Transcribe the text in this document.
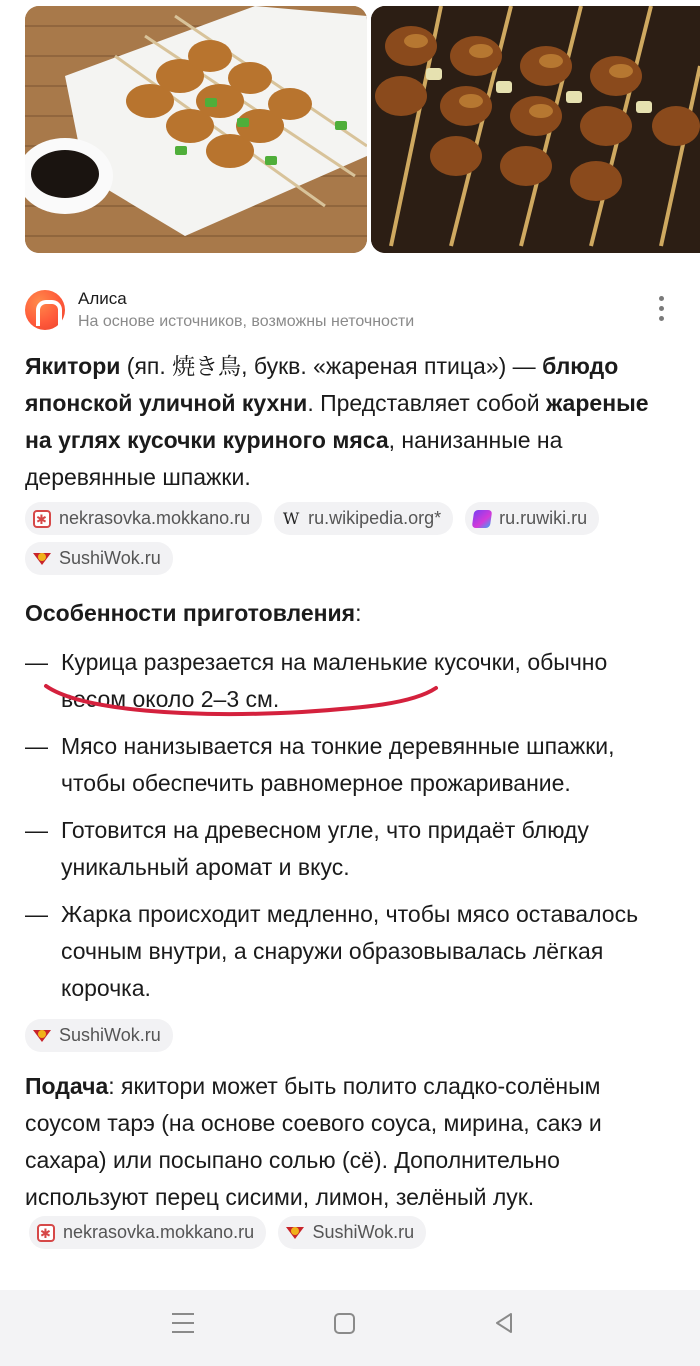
Алиса
На основе источников, возможны неточности

Якитори (яп. 焼き鳥, букв. «жареная птица») — блюдо японской уличной кухни. Представляет собой жареные на углях кусочки куриного мяса, нанизанные на деревянные шпажки.

✱
nekrasovka.mokkano.ru W ru.wikipedia.org*	ru.ruwiki.ru
SushiWok.ru

Особенности приготовления:

— Курица разрезается на маленькие кусочки, обычно весом около 2–3 см.
— Мясо нанизывается на тонкие деревянные шпажки, чтобы обеспечить равномерное прожаривание.
— Готовится на древесном угле, что придаёт блюду уникальный аромат и вкус.
— Жарка происходит медленно, чтобы мясо оставалось сочным внутри, а снаружи образовывалась лёгкая корочка.
SushiWok.ru

Подача: якитори может быть полито сладко-солёным соусом тарэ (на основе соевого соуса, мирина, сакэ и сахара) или посыпано солью (сё). Дополнительно используют перец сисими, лимон, зелёный лук.
✱
nekrasovka.mokkano.ru
	SushiWok.ru
